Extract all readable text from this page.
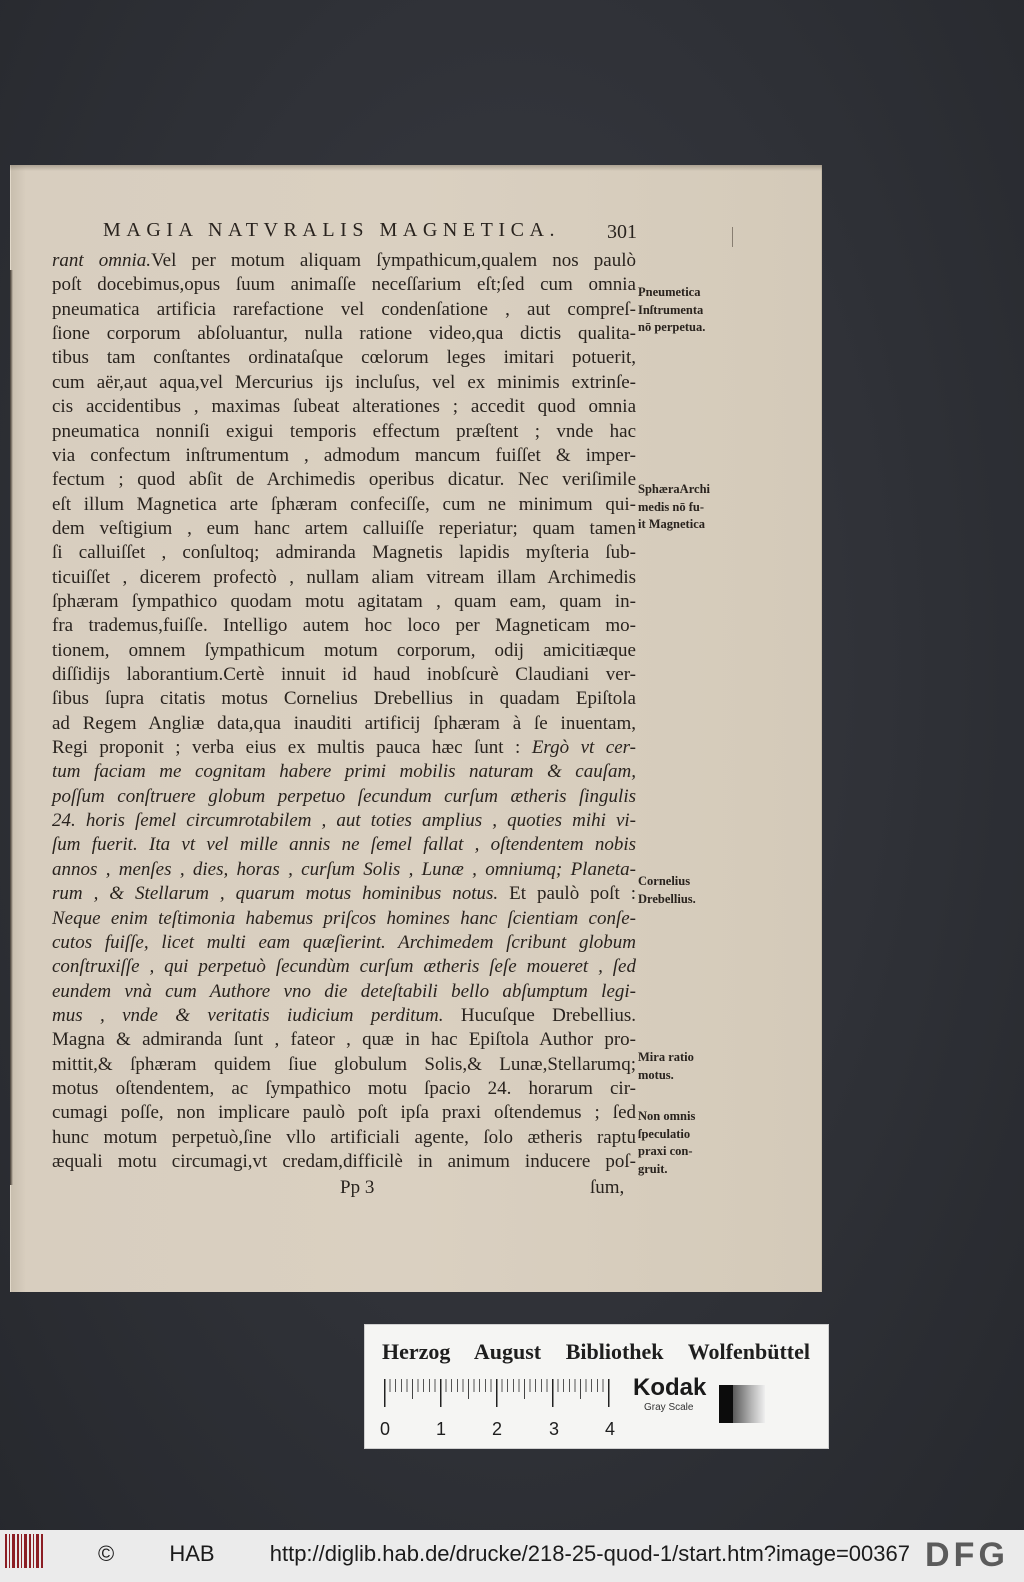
MAGIA NATVRALIS MAGNETICA. 301
rant omnia.Vel per motum aliquam ſympathicum,qualem nos paulò
poſt docebimus,opus ſuum animaſſe neceſſarium eſt;ſed cum omnia
pneumatica artificia rarefactione vel condenſatione , aut compreſ-
ſione corporum abſoluantur, nulla ratione video,qua dictis qualita-
tibus tam conſtantes ordinataſque cœlorum leges imitari potuerit,
cum aër,aut aqua,vel Mercurius ijs incluſus, vel ex minimis extrinſe-
cis accidentibus , maximas ſubeat alterationes ; accedit quod omnia
pneumatica nonniſi exigui temporis effectum præſtent ; vnde hac
via confectum inſtrumentum , admodum mancum fuiſſet & imper-
fectum ; quod abſit de Archimedis operibus dicatur. Nec veriſimile
eſt illum Magnetica arte ſphæram confeciſſe, cum ne minimum qui-
dem veſtigium , eum hanc artem calluiſſe reperiatur; quam tamen
ſi calluiſſet , conſultoq; admiranda Magnetis lapidis myſteria ſub-
ticuiſſet , dicerem profectò , nullam aliam vitream illam Archimedis
ſphæram ſympathico quodam motu agitatam , quam eam, quam in-
fra trademus,fuiſſe. Intelligo autem hoc loco per Magneticam mo-
tionem, omnem ſympathicum motum corporum, odij amicitiæque
diſſidijs laborantium.Certè innuit id haud inobſcurè Claudiani ver-
ſibus ſupra citatis motus Cornelius Drebellius in quadam Epiſtola
ad Regem Angliæ data,qua inauditi artificij ſphæram à ſe inuentam,
Regi proponit ; verba eius ex multis pauca hæc ſunt : Ergò vt cer-
tum faciam me cognitam habere primi mobilis naturam & cauſam,
poſſum conſtruere globum perpetuo ſecundum curſum ætheris ſingulis
24. horis ſemel circumrotabilem , aut toties amplius , quoties mihi vi-
ſum fuerit. Ita vt vel mille annis ne ſemel fallat , oſtendentem nobis
annos , menſes , dies, horas , curſum Solis , Lunæ , omniumq; Planeta-
rum , & Stellarum , quarum motus hominibus notus. Et paulò poſt :
Neque enim teſtimonia habemus priſcos homines hanc ſcientiam conſe-
cutos fuiſſe, licet multi eam quæſierint. Archimedem ſcribunt globum
conſtruxiſſe , qui perpetuò ſecundùm curſum ætheris ſeſe moueret , ſed
eundem vnà cum Authore vno die deteſtabili bello abſumptum legi-
mus , vnde & veritatis iudicium perditum. Hucuſque Drebellius.
Magna & admiranda ſunt , fateor , quæ in hac Epiſtola Author pro-
mittit,& ſphæram quidem ſiue globulum Solis,& Lunæ,Stellarumq;
motus oſtendentem, ac ſympathico motu ſpacio 24. horarum cir-
cumagi poſſe, non implicare paulò poſt ipſa praxi oſtendemus ; ſed
hunc motum perpetuò,ſine vllo artificiali agente, ſolo ætheris raptu
æquali motu circumagi,vt credam,difficilè in animum inducere poſ-
Pneumetica
Inſtrumenta
nō perpetua.
SphæraArchi
medis nō fu-
it Magnetica
Cornelius
Drebellius.
Mira ratio
motus.
Non omnis
ſpeculatio
praxi con-
gruit.
Pp 3	ſum,
Herzog August Bibliothek Wolfenbüttel
0	1	2	3	4
Kodak
Gray Scale
© HAB http://diglib.hab.de/drucke/218-25-quod-1/start.htm?image=00367 DFG
